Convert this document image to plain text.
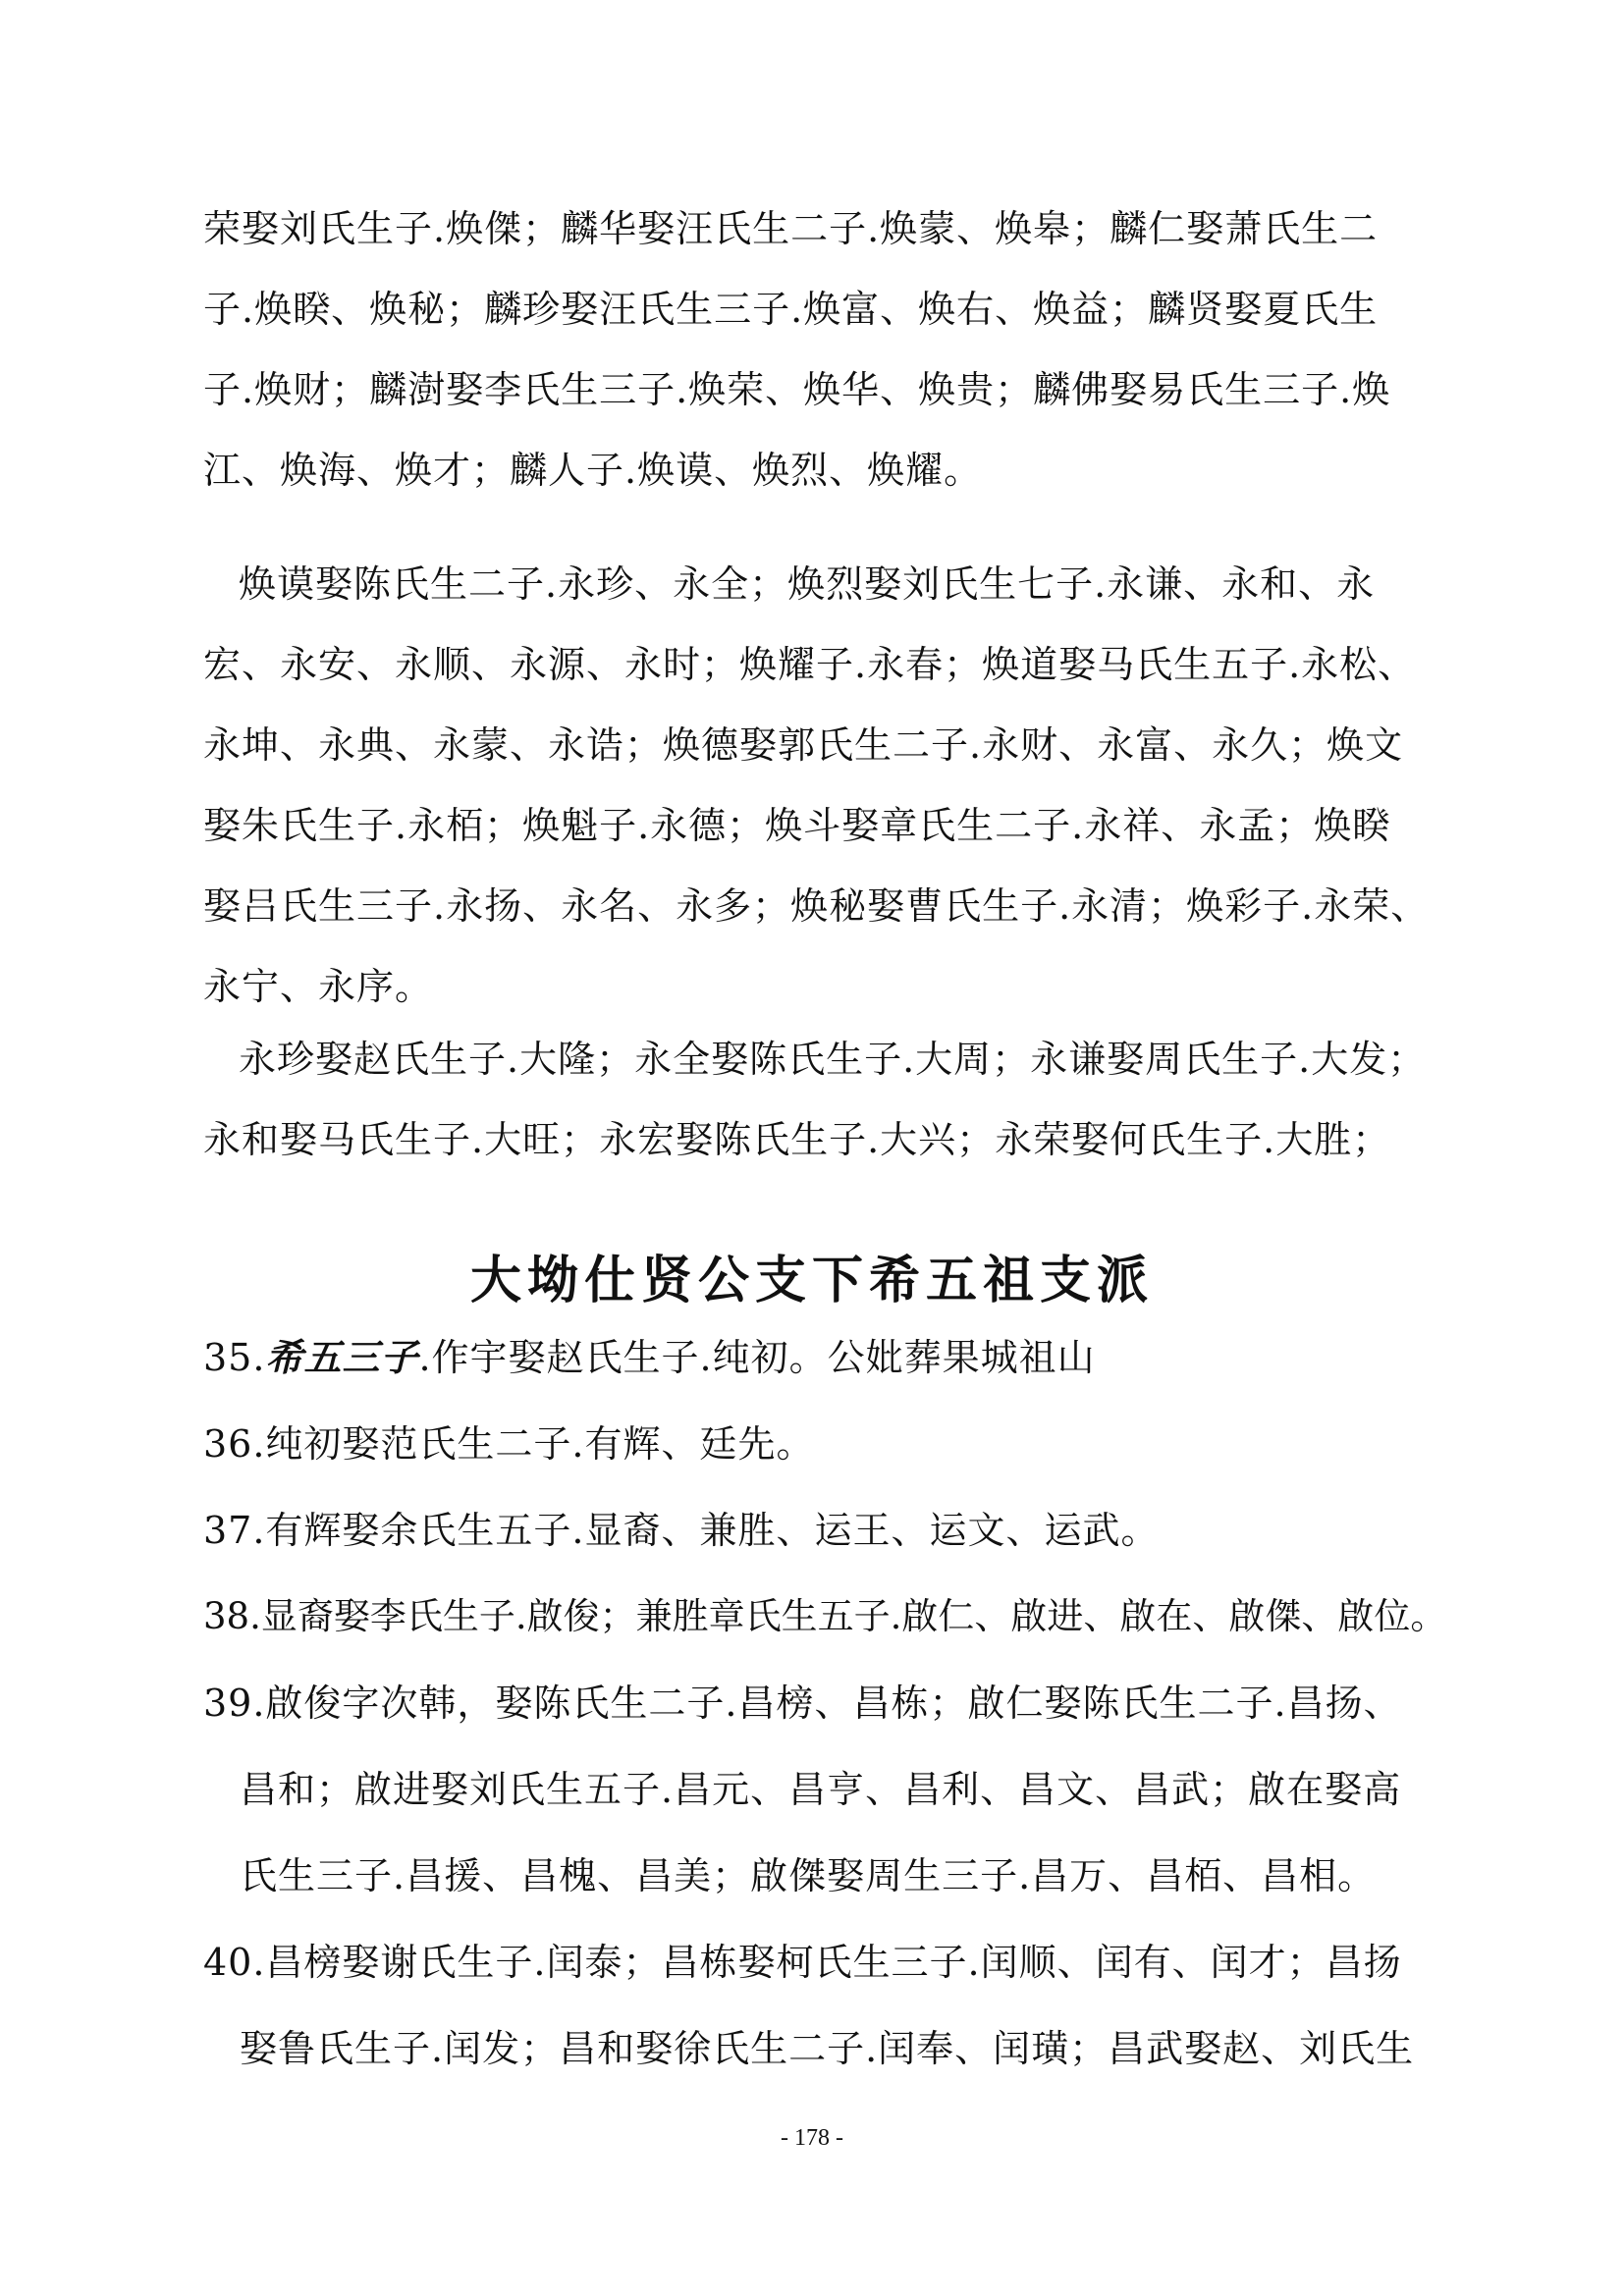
荣娶刘氏生子.焕傑；麟华娶汪氏生二子.焕蒙、焕皋；麟仁娶萧氏生二
子.焕睽、焕秘；麟珍娶汪氏生三子.焕富、焕右、焕益；麟贤娶夏氏生
子.焕财；麟澍娶李氏生三子.焕荣、焕华、焕贵；麟佛娶易氏生三子.焕
江、焕海、焕才；麟人子.焕谟、焕烈、焕耀。
焕谟娶陈氏生二子.永珍、永全；焕烈娶刘氏生七子.永谦、永和、永
宏、永安、永顺、永源、永时；焕耀子.永春；焕道娶马氏生五子.永松、
永坤、永典、永蒙、永诰；焕德娶郭氏生二子.永财、永富、永久；焕文
娶朱氏生子.永栢；焕魁子.永德；焕斗娶章氏生二子.永祥、永孟；焕睽
娶吕氏生三子.永扬、永名、永多；焕秘娶曹氏生子.永清；焕彩子.永荣、
永宁、永序。
永珍娶赵氏生子.大隆；永全娶陈氏生子.大周；永谦娶周氏生子.大发；
永和娶马氏生子.大旺；永宏娶陈氏生子.大兴；永荣娶何氏生子.大胜；
大坳仕贤公支下希五祖支派
35.希五三子.作宇娶赵氏生子.纯初。公妣葬果城祖山
36.纯初娶范氏生二子.有辉、廷先。
37.有辉娶余氏生五子.显裔、兼胜、运王、运文、运武。
38.显裔娶李氏生子.啟俊；兼胜章氏生五子.啟仁、啟进、啟在、啟傑、啟位。
39.啟俊字次韩，娶陈氏生二子.昌榜、昌栋；啟仁娶陈氏生二子.昌扬、
昌和；啟进娶刘氏生五子.昌元、昌亨、昌利、昌文、昌武；啟在娶高
氏生三子.昌援、昌槐、昌美；啟傑娶周生三子.昌万、昌栢、昌相。
40.昌榜娶谢氏生子.闰泰；昌栋娶柯氏生三子.闰顺、闰有、闰才；昌扬
娶鲁氏生子.闰发；昌和娶徐氏生二子.闰奉、闰璜；昌武娶赵、刘氏生
- 178 -
